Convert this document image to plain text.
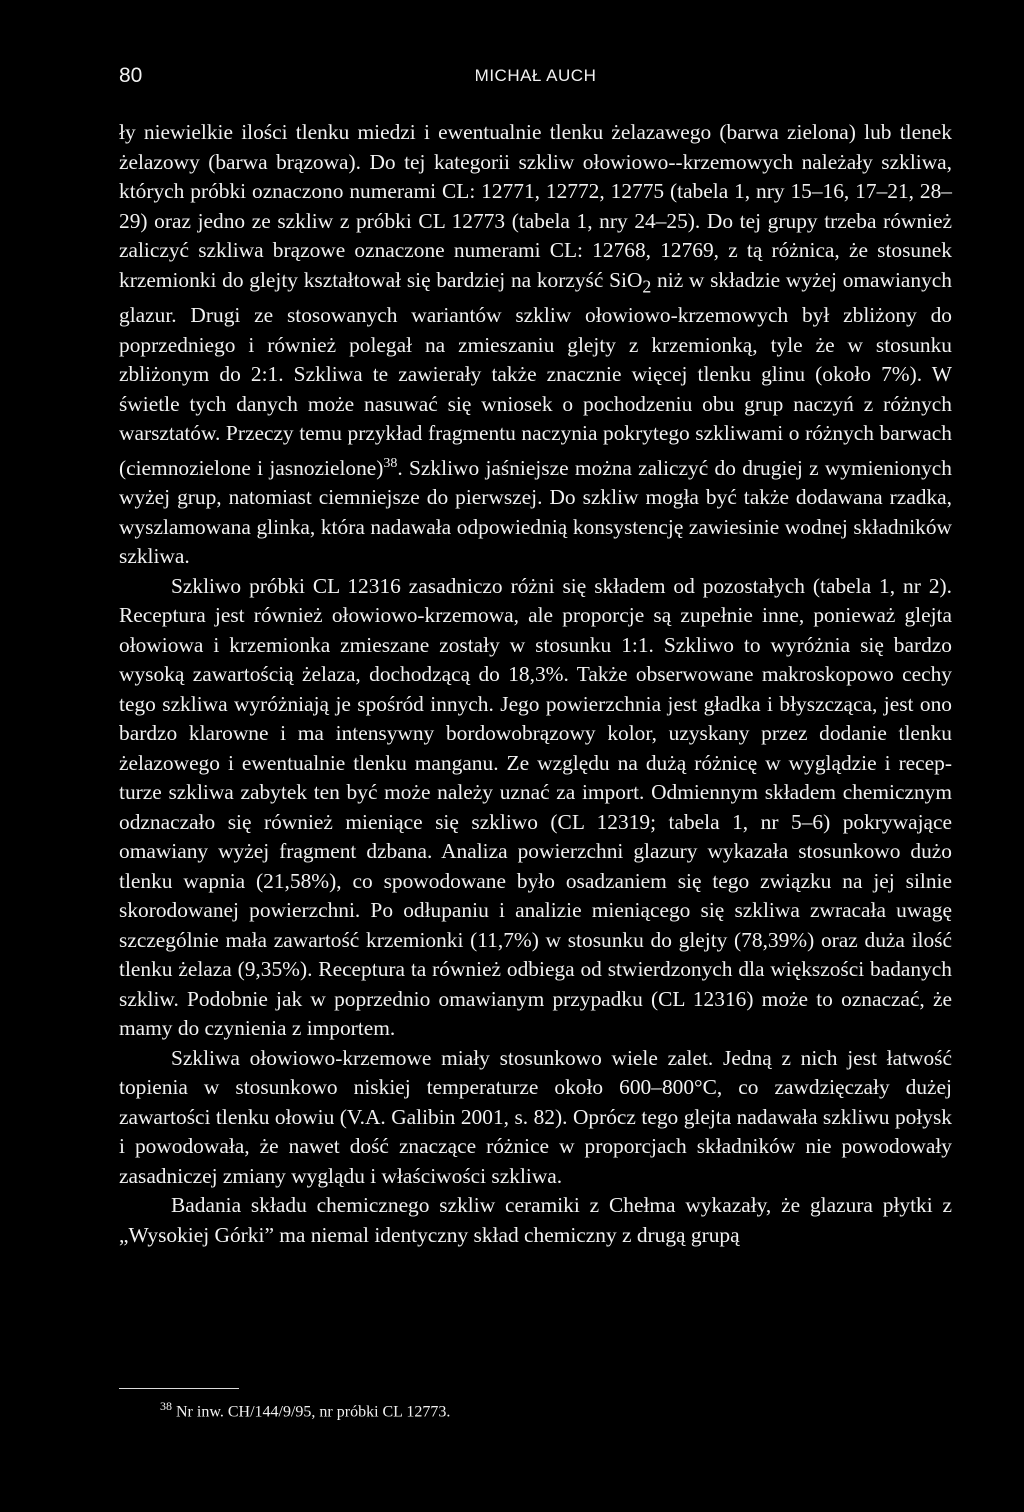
80	MICHAŁ AUCH

ły niewielkie ilości tlenku miedzi i ewentualnie tlenku żelazawego (barwa zielona) lub tlenek żelazowy (barwa brązowa). Do tej kategorii szkliw ołowiowo--krzemowych należały szkliwa, których próbki oznaczono numerami CL: 12771, 12772, 12775 (tabela 1, nry 15–16, 17–21, 28–29) oraz jedno ze szkliw z próbki CL 12773 (tabela 1, nry 24–25). Do tej grupy trzeba również zaliczyć szkliwa brązowe oznaczone numerami CL: 12768, 12769, z tą różnica, że stosunek krzemionki do glejty kształtował się bardziej na korzyść SiO$_2$ niż w składzie wyżej omawianych glazur. Drugi ze stosowanych wariantów szkliw ołowiowo-krzemowych był zbliżony do poprzedniego i również polegał na zmieszaniu glejty z krzemionką, tyle że w stosunku zbliżonym do 2:1. Szkliwa te zawierały także znacznie więcej tlenku glinu (około 7%). W świetle tych danych może nasuwać się wniosek o pochodzeniu obu grup naczyń z różnych warsztatów. Przeczy temu przykład fragmentu naczynia pokrytego szkliwami o różnych barwach (ciemnozielone i jasnozielone)$^{38}$. Szkliwo jaśniejsze można zaliczyć do drugiej z wymienionych wyżej grup, natomiast ciemniejsze do pierwszej. Do szkliw mogła być także dodawana rzadka, wyszlamowana glinka, która nadawała odpowiednią konsystencję zawiesinie wodnej składników szkliwa.

Szkliwo próbki CL 12316 zasadniczo różni się składem od pozostałych (tabela 1, nr 2). Receptura jest również ołowiowo-krzemowa, ale proporcje są zupełnie inne, ponieważ glejta ołowiowa i krzemionka zmieszane zostały w stosunku 1:1. Szkliwo to wyróżnia się bardzo wysoką zawartością żelaza, dochodzącą do 18,3%. Także obserwowane makroskopowo cechy tego szkliwa wyróżniają je spośród innych. Jego powierzchnia jest gładka i błyszcząca, jest ono bardzo klarowne i ma intensywny bordowobrązowy kolor, uzyskany przez dodanie tlenku żelazowego i ewentualnie tlenku manganu. Ze względu na dużą różnicę w wyglądzie i recepturze szkliwa zabytek ten być może należy uznać za import. Odmiennym składem chemicznym odznaczało się również mieniące się szkliwo (CL 12319; tabela 1, nr 5–6) pokrywające omawiany wyżej fragment dzbana. Analiza powierzchni glazury wykazała stosunkowo dużo tlenku wapnia (21,58%), co spowodowane było osadzaniem się tego związku na jej silnie skorodowanej powierzchni. Po odłupaniu i analizie mieniącego się szkliwa zwracała uwagę szczególnie mała zawartość krzemionki (11,7%) w stosunku do glejty (78,39%) oraz duża ilość tlenku żelaza (9,35%). Receptura ta również odbiega od stwierdzonych dla większości badanych szkliw. Podobnie jak w poprzednio omawianym przypadku (CL 12316) może to oznaczać, że mamy do czynienia z importem.

Szkliwa ołowiowo-krzemowe miały stosunkowo wiele zalet. Jedną z nich jest łatwość topienia w stosunkowo niskiej temperaturze około 600–800°C, co zawdzięczały dużej zawartości tlenku ołowiu (V.A. Galibin 2001, s. 82). Oprócz tego glejta nadawała szkliwu połysk i powodowała, że nawet dość znaczące różnice w proporcjach składników nie powodowały zasadniczej zmiany wyglądu i właściwości szkliwa.

Badania składu chemicznego szkliw ceramiki z Chełma wykazały, że glazura płytki z „Wysokiej Górki” ma niemal identyczny skład chemiczny z drugą grupą

$^{38}$ Nr inw. CH/144/9/95, nr próbki CL 12773.
